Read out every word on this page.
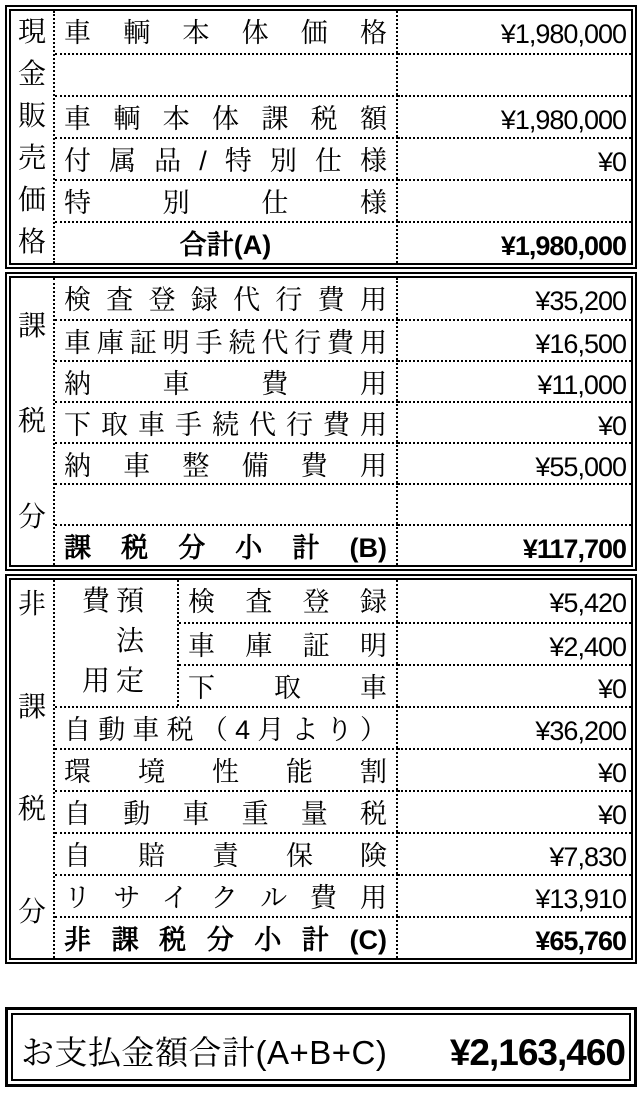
現
金
販
売
価
格
車輌本体価格	¥1,980,000
車輌本体課税額	¥1,980,000
付属品/特別仕様	¥0
特別仕様
合計(A)	¥1,980,000
課
税
分
検査登録代行費用	¥35,200
車庫証明手続代行費用	¥16,500
納車費用	¥11,000
下取車手続代行費用	¥0
納車整備費用	¥55,000
課税分小計(B)	¥117,700
非
課
税
分
費
用
預
法
定
検査登録	¥5,420
車庫証明	¥2,400
下取車	¥0
自動車税（4月より）	¥36,200
環境性能割	¥0
自動車重量税	¥0
自賠責保険	¥7,830
リサイクル費用	¥13,910
非課税分小計(C)	¥65,760
お支払金額合計(A+B+C) ¥2,163,460
